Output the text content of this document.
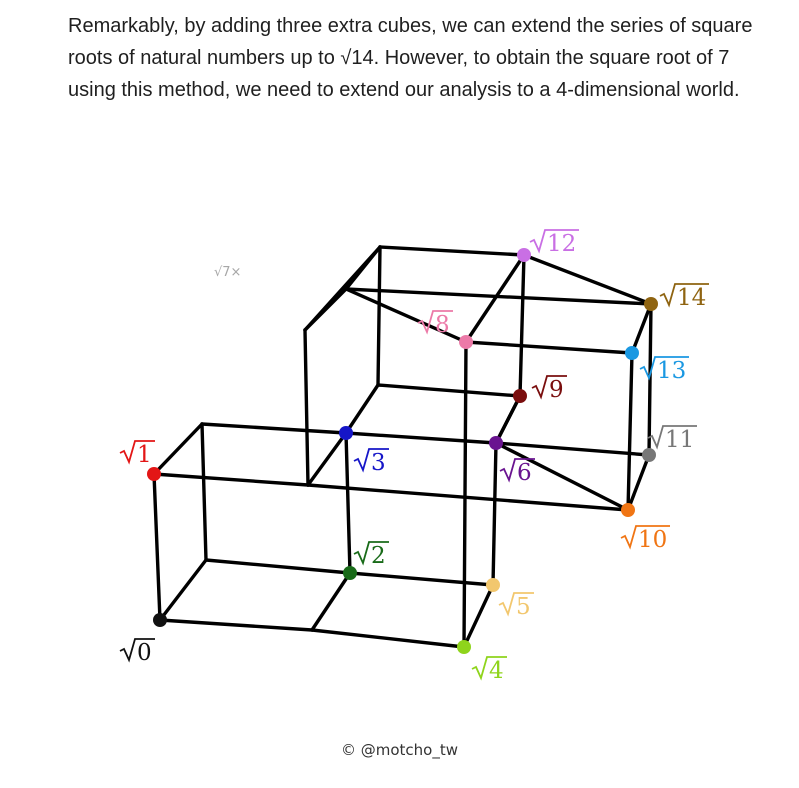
Remarkably, by adding three extra cubes, we can extend the series of square roots of natural numbers up to √14. However, to obtain the square root of 7 using this method, we need to extend our analysis to a 4-dimensional world.
0
1
2
3
4
5
6
8
9
10
11
12
13
14
√7×
© @motcho_tw
